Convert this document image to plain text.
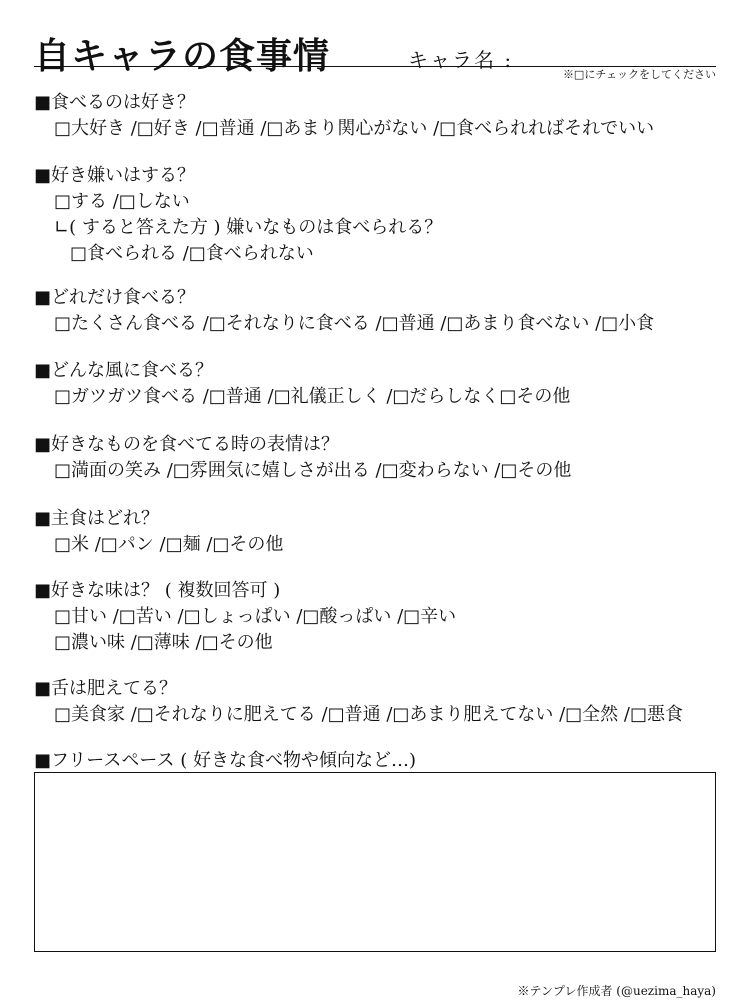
自キャラの食事情	キャラ名 :
※□にチェックをしてください
■食べるのは好き？
□大好き /□好き /□普通 /□あまり関心がない /□食べられればそれでいい
■好き嫌いはする？
□する /□しない
∟( すると答えた方 ) 嫌いなものは食べられる？
□食べられる /□食べられない
■どれだけ食べる？
□たくさん食べる /□それなりに食べる /□普通 /□あまり食べない /□小食
■どんな風に食べる？
□ガツガツ食べる /□普通 /□礼儀正しく /□だらしなく□その他
■好きなものを食べてる時の表情は？
□満面の笑み /□雰囲気に嬉しさが出る /□変わらない /□その他
■主食はどれ？
□米 /□パン /□麺 /□その他
■好きな味は？ ( 複数回答可 )
□甘い /□苦い /□しょっぱい /□酸っぱい /□辛い
□濃い味 /□薄味 /□その他
■舌は肥えてる？
□美食家 /□それなりに肥えてる /□普通 /□あまり肥えてない /□全然 /□悪食
■フリースペース ( 好きな食べ物や傾向など…)
※テンプレ作成者 (@uezima_haya)
